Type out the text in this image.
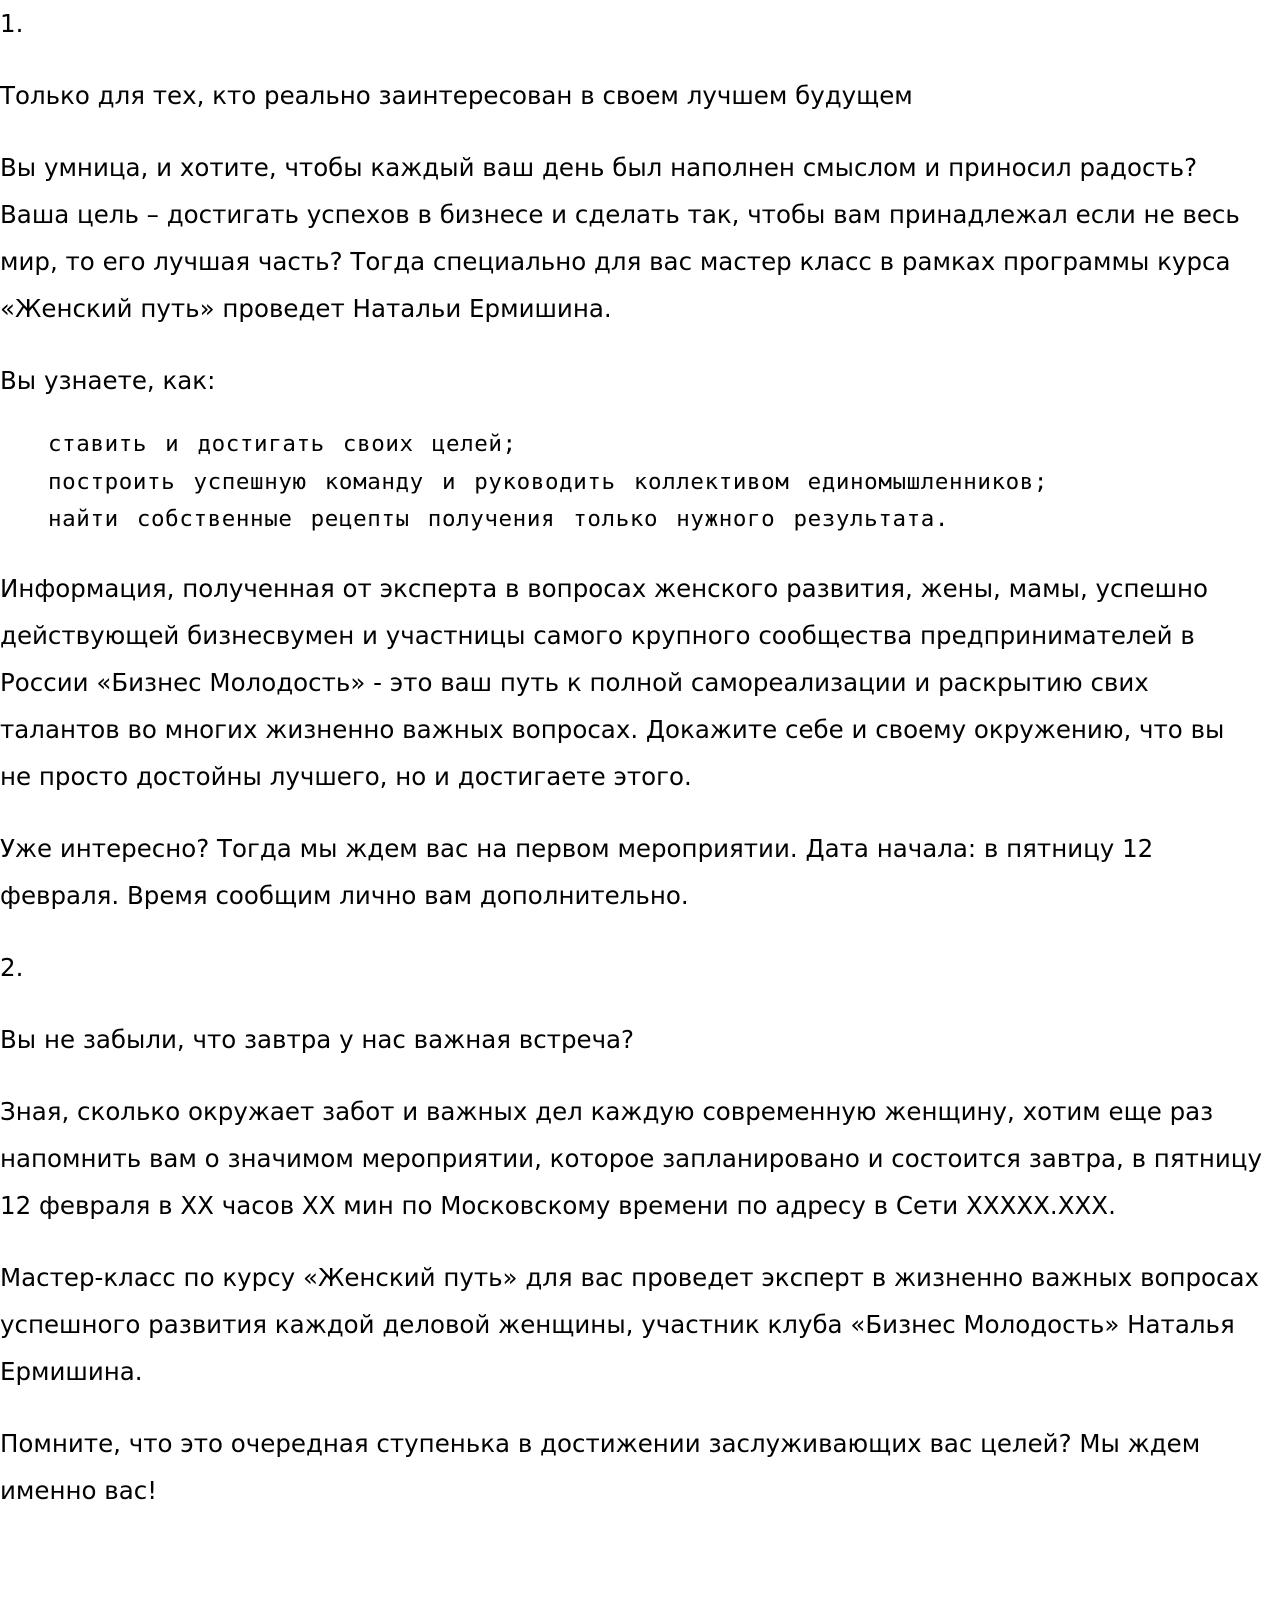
1.

Только для тех, кто реально заинтересован в своем лучшем будущем

Вы умница, и хотите, чтобы каждый ваш день был наполнен смыслом и приносил радость? Ваша цель – достигать успехов в бизнесе и сделать так, чтобы вам принадлежал если не весь мир, то его лучшая часть? Тогда специально для вас мастер класс в рамках программы курса «Женский путь» проведет Натальи Ермишина.

Вы узнаете, как:

ставить и достигать своих целей;
построить успешную команду и руководить коллективом единомышленников;
найти собственные рецепты получения только нужного результата.

Информация, полученная от эксперта в вопросах женского развития, жены, мамы, успешно действующей бизнесвумен и участницы самого крупного сообщества предпринимателей в России «Бизнес Молодость» - это ваш путь к полной самореализации и раскрытию свих талантов во многих жизненно важных вопросах. Докажите себе и своему окружению, что вы не просто достойны лучшего, но и достигаете этого.

Уже интересно? Тогда мы ждем вас на первом мероприятии. Дата начала: в пятницу 12 февраля. Время сообщим лично вам дополнительно.

2.

Вы не забыли, что завтра у нас важная встреча?

Зная, сколько окружает забот и важных дел каждую современную женщину, хотим еще раз напомнить вам о значимом мероприятии, которое запланировано и состоится завтра, в пятницу 12 февраля в ХХ часов ХХ мин по Московскому времени по адресу в Сети ХХХХХ.ХХХ.

Мастер-класс по курсу «Женский путь» для вас проведет эксперт в жизненно важных вопросах успешного развития каждой деловой женщины, участник клуба «Бизнес Молодость» Наталья Ермишина.

Помните, что это очередная ступенька в достижении заслуживающих вас целей? Мы ждем именно вас!
